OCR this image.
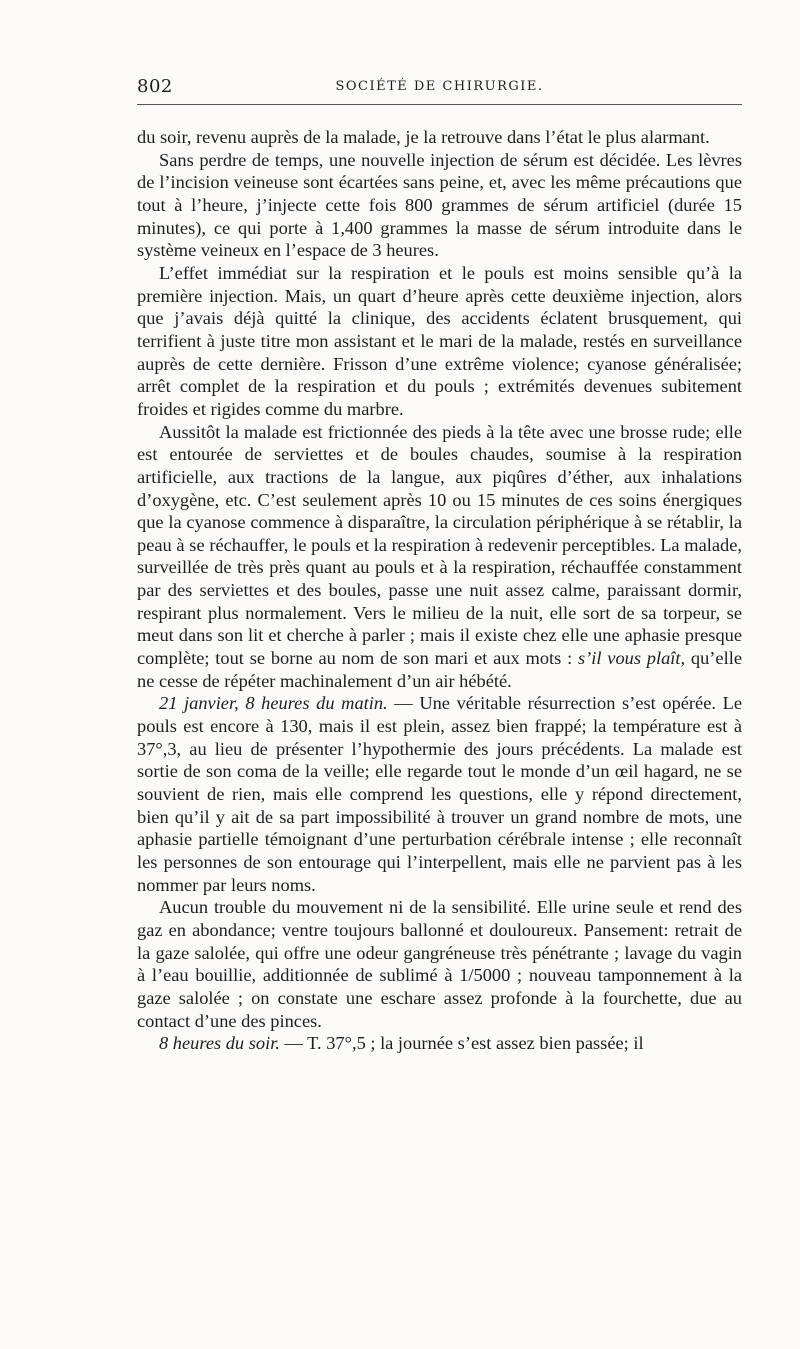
802	SOCIÉTÉ DE CHIRURGIE.

du soir, revenu auprès de la malade, je la retrouve dans l’état le plus alarmant.

Sans perdre de temps, une nouvelle injection de sérum est décidée. Les lèvres de l’incision veineuse sont écartées sans peine, et, avec les même précautions que tout à l’heure, j’injecte cette fois 800 grammes de sérum artificiel (durée 15 minutes), ce qui porte à 1,400 grammes la masse de sérum introduite dans le système veineux en l’espace de 3 heures.

L’effet immédiat sur la respiration et le pouls est moins sensible qu’à la première injection. Mais, un quart d’heure après cette deuxième injection, alors que j’avais déjà quitté la clinique, des accidents éclatent brusquement, qui terrifient à juste titre mon assistant et le mari de la malade, restés en surveillance auprès de cette dernière. Frisson d’une extrême violence; cyanose généralisée; arrêt complet de la respiration et du pouls ; extrémités devenues subitement froides et rigides comme du marbre.

Aussitôt la malade est frictionnée des pieds à la tête avec une brosse rude; elle est entourée de serviettes et de boules chaudes, soumise à la respiration artificielle, aux tractions de la langue, aux piqûres d’éther, aux inhalations d’oxygène, etc. C’est seulement après 10 ou 15 minutes de ces soins énergiques que la cyanose commence à disparaître, la circulation périphérique à se rétablir, la peau à se réchauffer, le pouls et la respiration à redevenir perceptibles. La malade, surveillée de très près quant au pouls et à la respiration, réchauffée constamment par des serviettes et des boules, passe une nuit assez calme, paraissant dormir, respirant plus normalement. Vers le milieu de la nuit, elle sort de sa torpeur, se meut dans son lit et cherche à parler ; mais il existe chez elle une aphasie presque complète; tout se borne au nom de son mari et aux mots : s’il vous plaît, qu’elle ne cesse de répéter machinalement d’un air hébété.

21 janvier, 8 heures du matin. — Une véritable résurrection s’est opérée. Le pouls est encore à 130, mais il est plein, assez bien frappé; la température est à 37°,3, au lieu de présenter l’hypothermie des jours précédents. La malade est sortie de son coma de la veille; elle regarde tout le monde d’un œil hagard, ne se souvient de rien, mais elle comprend les questions, elle y répond directement, bien qu’il y ait de sa part impossibilité à trouver un grand nombre de mots, une aphasie partielle témoignant d’une perturbation cérébrale intense ; elle reconnaît les personnes de son entourage qui l’interpellent, mais elle ne parvient pas à les nommer par leurs noms.

Aucun trouble du mouvement ni de la sensibilité. Elle urine seule et rend des gaz en abondance; ventre toujours ballonné et douloureux. Pansement: retrait de la gaze salolée, qui offre une odeur gangréneuse très pénétrante ; lavage du vagin à l’eau bouillie, additionnée de sublimé à 1/5000 ; nouveau tamponnement à la gaze salolée ; on constate une eschare assez profonde à la fourchette, due au contact d’une des pinces.

8 heures du soir. — T. 37°,5 ; la journée s’est assez bien passée; il
